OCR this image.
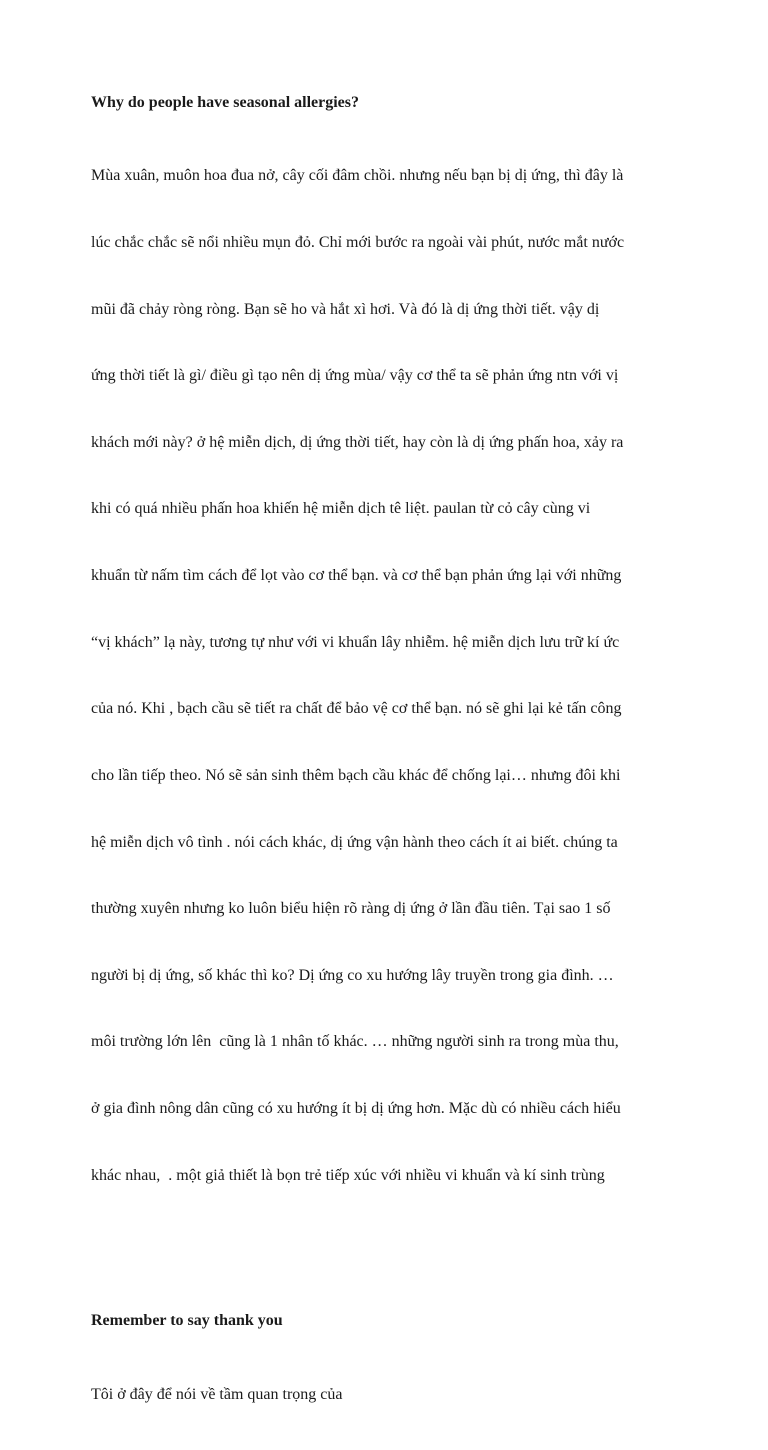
Why do people have seasonal allergies?

Mùa xuân, muôn hoa đua nở, cây cối đâm chồi. nhưng nếu bạn bị dị ứng, thì đây là

lúc chắc chắc sẽ nổi nhiều mụn đỏ. Chỉ mới bước ra ngoài vài phút, nước mắt nước

mũi đã chảy ròng ròng. Bạn sẽ ho và hắt xì hơi. Và đó là dị ứng thời tiết. vậy dị

ứng thời tiết là gì/ điều gì tạo nên dị ứng mùa/ vậy cơ thể ta sẽ phản ứng ntn với vị

khách mới này? ở hệ miễn dịch, dị ứng thời tiết, hay còn là dị ứng phấn hoa, xảy ra

khi có quá nhiều phấn hoa khiến hệ miễn dịch tê liệt. paulan từ cỏ cây cùng vi

khuẩn từ nấm tìm cách để lọt vào cơ thể bạn. và cơ thể bạn phản ứng lại với những

“vị khách” lạ này, tương tự như với vi khuẩn lây nhiễm. hệ miễn dịch lưu trữ kí ức

của nó. Khi , bạch cầu sẽ tiết ra chất để bảo vệ cơ thể bạn. nó sẽ ghi lại kẻ tấn công

cho lần tiếp theo. Nó sẽ sản sinh thêm bạch cầu khác để chống lại… nhưng đôi khi

hệ miễn dịch vô tình . nói cách khác, dị ứng vận hành theo cách ít ai biết. chúng ta

thường xuyên nhưng ko luôn biểu hiện rõ ràng dị ứng ở lần đầu tiên. Tại sao 1 số

người bị dị ứng, số khác thì ko? Dị ứng co xu hướng lây truyền trong gia đình. …

môi trường lớn lên  cũng là 1 nhân tố khác. … những người sinh ra trong mùa thu,

ở gia đình nông dân cũng có xu hướng ít bị dị ứng hơn. Mặc dù có nhiều cách hiểu

khác nhau,  . một giả thiết là bọn trẻ tiếp xúc với nhiều vi khuẩn và kí sinh trùng

Remember to say thank you

Tôi ở đây để nói về tầm quan trọng của
